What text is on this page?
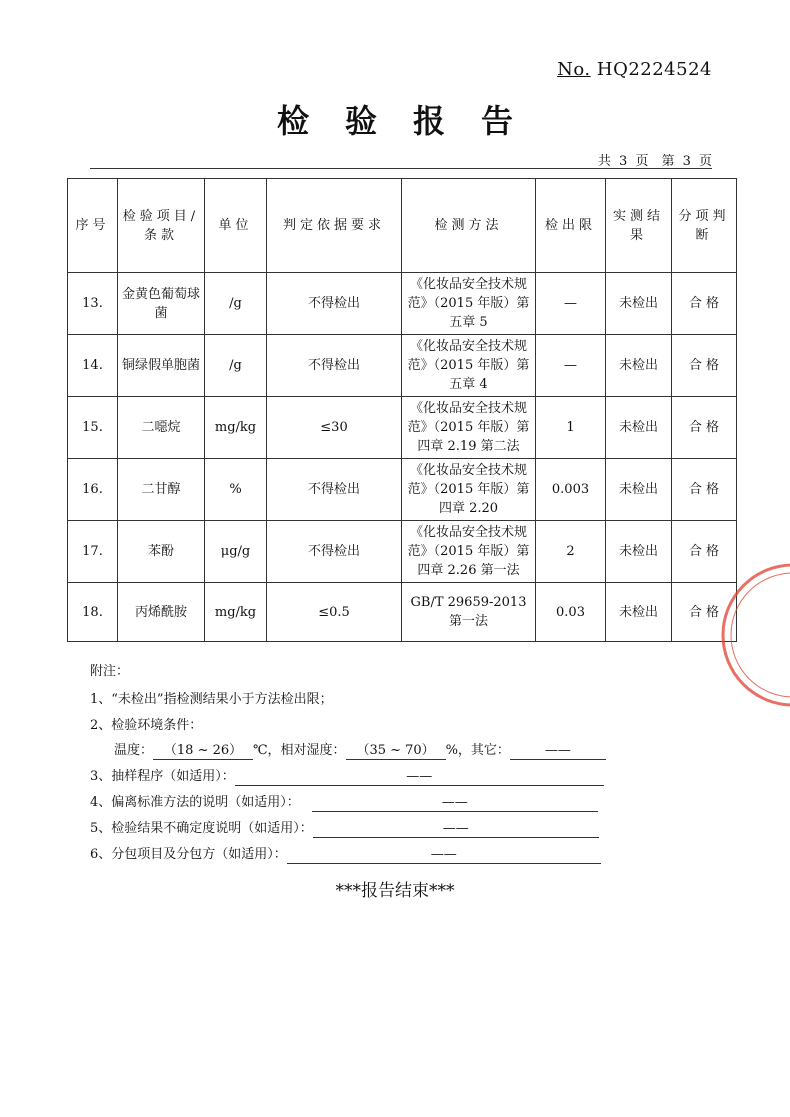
No. HQ2224524
检验报告
共 3 页　第 3 页
序号	检验项目/条款	单位	判定依据要求	检测方法	检出限	实测结果	分项判断
13.	金黄色葡萄球菌	/g	不得检出	《化妆品安全技术规范》（2015 年版）第五章 5	—	未检出	合 格
14.	铜绿假单胞菌	/g	不得检出	《化妆品安全技术规范》（2015 年版）第五章 4	—	未检出	合 格
15.	二噁烷	mg/kg	≤30	《化妆品安全技术规范》（2015 年版）第四章 2.19 第二法	1	未检出	合 格
16.	二甘醇	%	不得检出	《化妆品安全技术规范》（2015 年版）第四章 2.20	0.003	未检出	合 格
17.	苯酚	μg/g	不得检出	《化妆品安全技术规范》（2015 年版）第四章 2.26 第一法	2	未检出	合 格
18.	丙烯酰胺	mg/kg	≤0.5	GB/T 29659-2013 第一法	0.03	未检出	合 格
附注：
1、“未检出”指检测结果小于方法检出限；
2、检验环境条件：
温度： （18 ~ 26） ℃，相对湿度： （35 ~ 70） %，其它：	——
3、抽样程序（如适用）：	——
4、偏离标准方法的说明（如适用）：	——
5、检验结果不确定度说明（如适用）：	——
6、分包项目及分包方（如适用）：	——
***报告结束***
